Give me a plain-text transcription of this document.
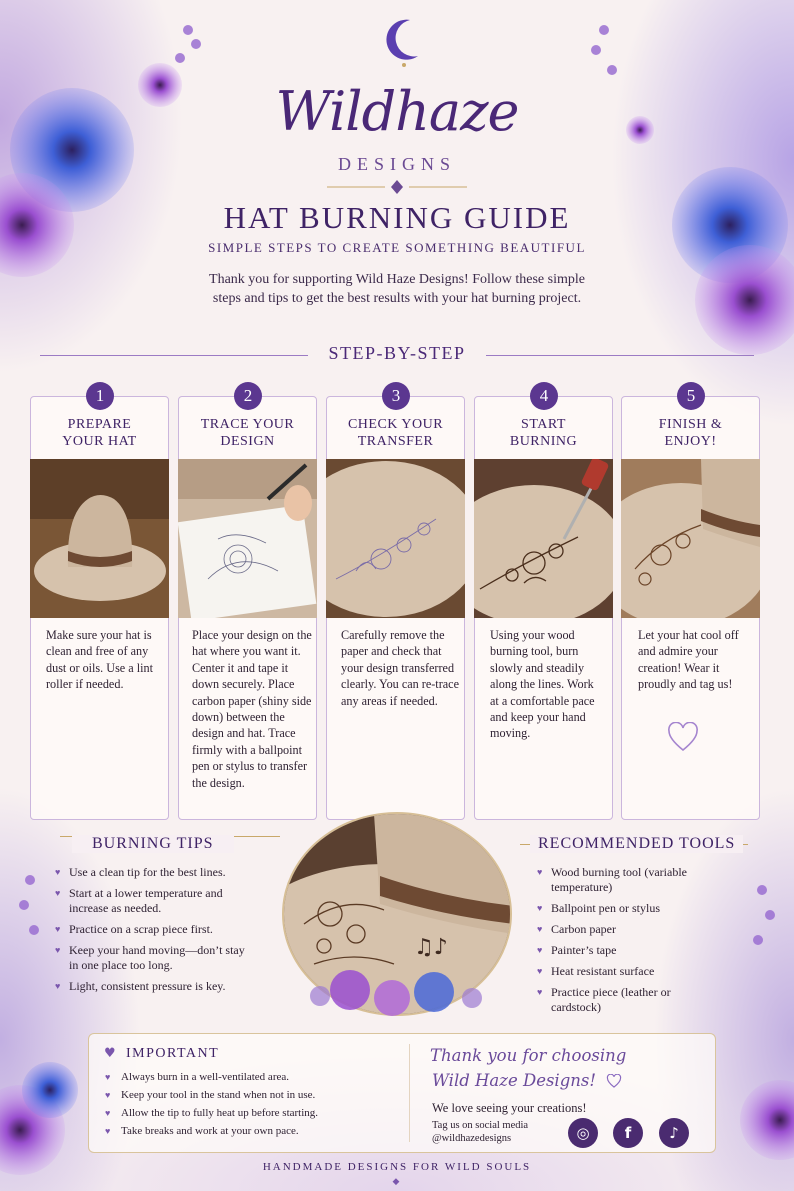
Wildhaze
DESIGNS
HAT BURNING GUIDE
SIMPLE STEPS TO CREATE SOMETHING BEAUTIFUL
Thank you for supporting Wild Haze Designs! Follow these simple steps and tips to get the best results with your hat burning project.
STEP-BY-STEP
1	2	3	4	5
PREPARE YOUR HAT
TRACE YOUR DESIGN
CHECK YOUR TRANSFER
START BURNING
FINISH & ENJOY!
Make sure your hat is clean and free of any dust or oils. Use a lint roller if needed.
Place your design on the hat where you want it. Center it and tape it down securely. Place carbon paper (shiny side down) between the design and hat. Trace firmly with a ballpoint pen or stylus to transfer the design.
Carefully remove the paper and check that your design transferred clearly. You can re-trace any areas if needed.
Using your wood burning tool, burn slowly and steadily along the lines. Work at a comfortable pace and keep your hand moving.
Let your hat cool off and admire your creation! Wear it proudly and tag us!
BURNING TIPS
♥ Use a clean tip for the best lines.
♥ Start at a lower temperature and increase as needed.
♥ Practice on a scrap piece first.
♥ Keep your hand moving—don’t stay in one place too long.
♥ Light, consistent pressure is key.
♫♪
RECOMMENDED TOOLS
♥ Wood burning tool (variable temperature)
♥ Ballpoint pen or stylus
♥ Carbon paper
♥ Painter’s tape
♥ Heat resistant surface
♥ Practice piece (leather or cardstock)
♥ IMPORTANT
♥ Always burn in a well-ventilated area.
♥ Keep your tool in the stand when not in use.
♥ Allow the tip to fully heat up before starting.
♥ Take breaks and work at your own pace.
Thank you for choosing
Wild Haze Designs!
We love seeing your creations!
Tag us on social media
@wildhazedesigns	◎	f	♪
HANDMADE DESIGNS FOR WILD SOULS
◆
